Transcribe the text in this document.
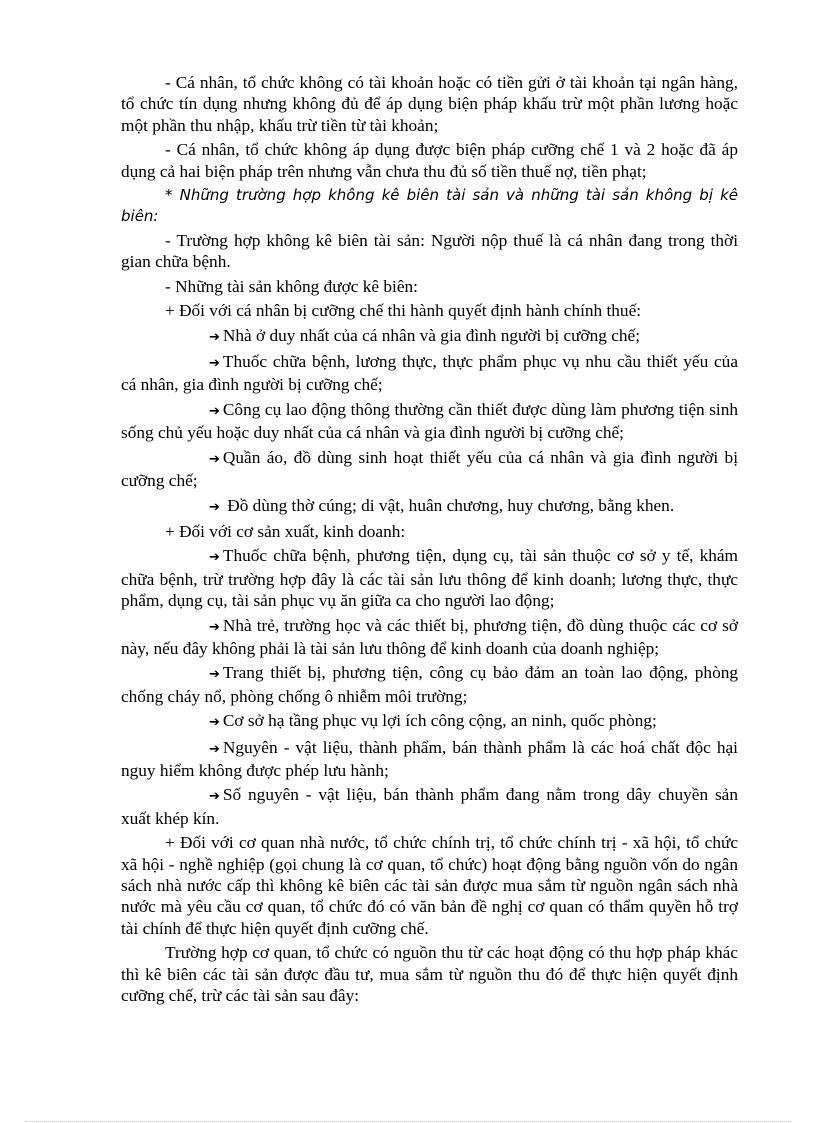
- Cá nhân, tổ chức không có tài khoản hoặc có tiền gửi ở tài khoản tại ngân hàng, tổ chức tín dụng nhưng không đủ để áp dụng biện pháp khấu trừ một phần lương hoặc một phần thu nhập, khấu trừ tiền từ tài khoản;

- Cá nhân, tổ chức không áp dụng được biện pháp cưỡng chế 1 và 2 hoặc đã áp dụng cả hai biện pháp trên nhưng vẫn chưa thu đủ số tiền thuế nợ, tiền phạt;

* Những trường hợp không kê biên tài sản và những tài sản không bị kê biên:

- Trường hợp không kê biên tài sản: Người nộp thuế là cá nhân đang trong thời gian chữa bệnh.

- Những tài sản không được kê biên:

+ Đối với cá nhân bị cưỡng chế thi hành quyết định hành chính thuế:

➔ Nhà ở duy nhất của cá nhân và gia đình người bị cưỡng chế;

➔ Thuốc chữa bệnh, lương thực, thực phẩm phục vụ nhu cầu thiết yếu của cá nhân, gia đình người bị cưỡng chế;

➔ Công cụ lao động thông thường cần thiết được dùng làm phương tiện sinh sống chủ yếu hoặc duy nhất của cá nhân và gia đình người bị cưỡng chế;

➔ Quần áo, đồ dùng sinh hoạt thiết yếu của cá nhân và gia đình người bị cưỡng chế;

➔ Đồ dùng thờ cúng; di vật, huân chương, huy chương, bằng khen.

+ Đối với cơ sản xuất, kinh doanh:

➔ Thuốc chữa bệnh, phương tiện, dụng cụ, tài sản thuộc cơ sở y tế, khám chữa bệnh, trừ trường hợp đây là các tài sản lưu thông để kinh doanh; lương thực, thực phẩm, dụng cụ, tài sản phục vụ ăn giữa ca cho người lao động;

➔ Nhà trẻ, trường học và các thiết bị, phương tiện, đồ dùng thuộc các cơ sở này, nếu đây không phải là tài sản lưu thông để kinh doanh của doanh nghiệp;

➔ Trang thiết bị, phương tiện, công cụ bảo đảm an toàn lao động, phòng chống cháy nổ, phòng chống ô nhiễm môi trường;

➔ Cơ sở hạ tầng phục vụ lợi ích công cộng, an ninh, quốc phòng;

➔ Nguyên - vật liệu, thành phẩm, bán thành phẩm là các hoá chất độc hại nguy hiểm không được phép lưu hành;

➔ Số nguyên - vật liệu, bán thành phẩm đang nằm trong dây chuyền sản xuất khép kín.

+ Đối với cơ quan nhà nước, tổ chức chính trị, tổ chức chính trị - xã hội, tổ chức xã hội - nghề nghiệp (gọi chung là cơ quan, tổ chức) hoạt động bằng nguồn vốn do ngân sách nhà nước cấp thì không kê biên các tài sản được mua sắm từ nguồn ngân sách nhà nước mà yêu cầu cơ quan, tổ chức đó có văn bản đề nghị cơ quan có thẩm quyền hỗ trợ tài chính để thực hiện quyết định cưỡng chế.

Trường hợp cơ quan, tổ chức có nguồn thu từ các hoạt động có thu hợp pháp khác thì kê biên các tài sản được đầu tư, mua sắm từ nguồn thu đó để thực hiện quyết định cưỡng chế, trừ các tài sản sau đây:
